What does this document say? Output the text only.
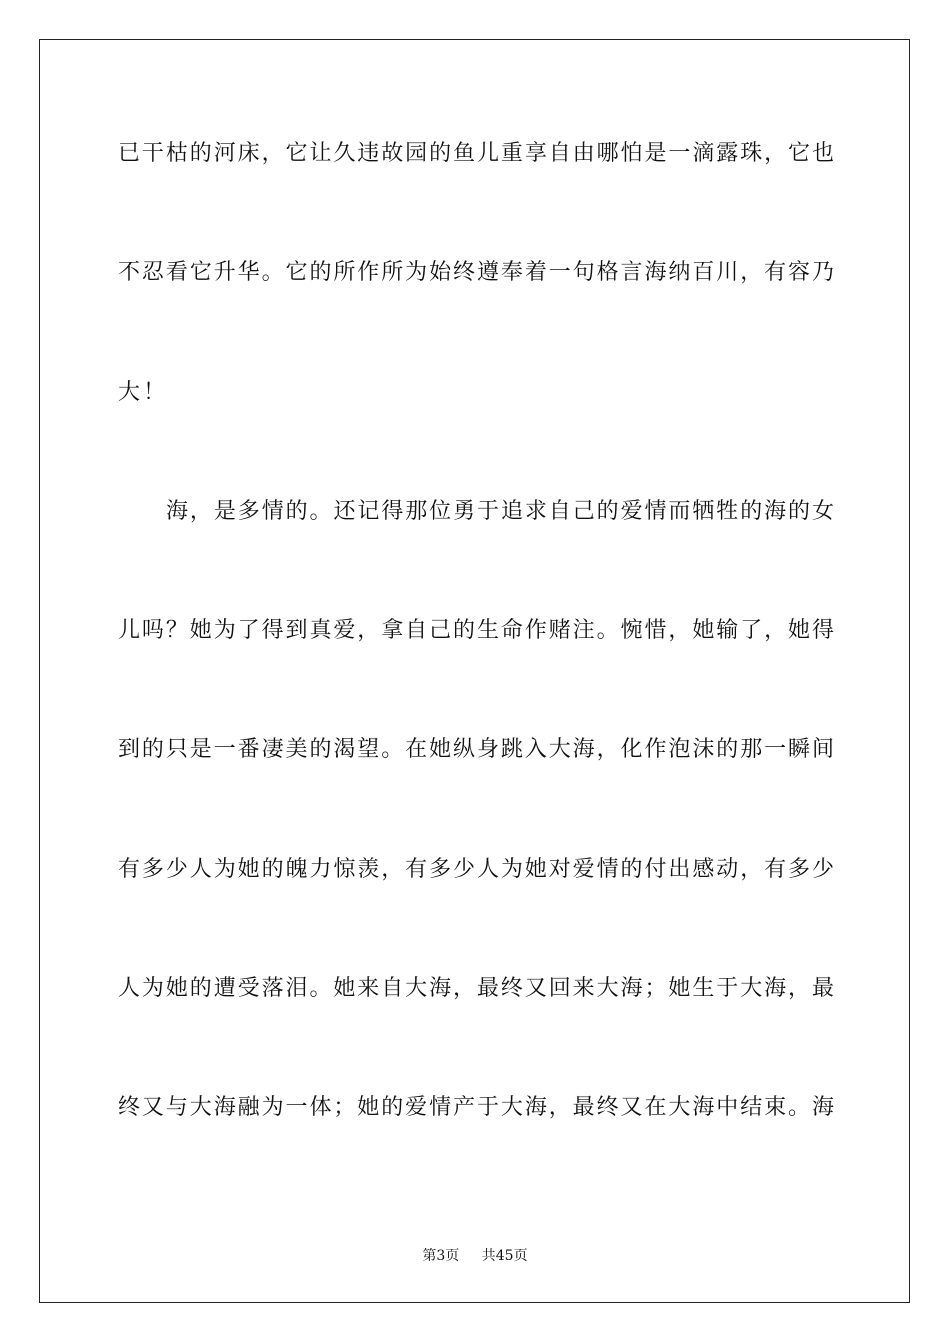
已干枯的河床，它让久违故园的鱼儿重享自由哪怕是一滴露珠，它也
不忍看它升华。它的所作所为始终遵奉着一句格言海纳百川，有容乃
大！
海，是多情的。还记得那位勇于追求自己的爱情而牺牲的海的女
儿吗？她为了得到真爱，拿自己的生命作赌注。惋惜，她输了，她得
到的只是一番凄美的渴望。在她纵身跳入大海，化作泡沫的那一瞬间
有多少人为她的魄力惊羡，有多少人为她对爱情的付出感动，有多少
人为她的遭受落泪。她来自大海，最终又回来大海；她生于大海，最
终又与大海融为一体；她的爱情产于大海，最终又在大海中结束。海
第3页 共45页
